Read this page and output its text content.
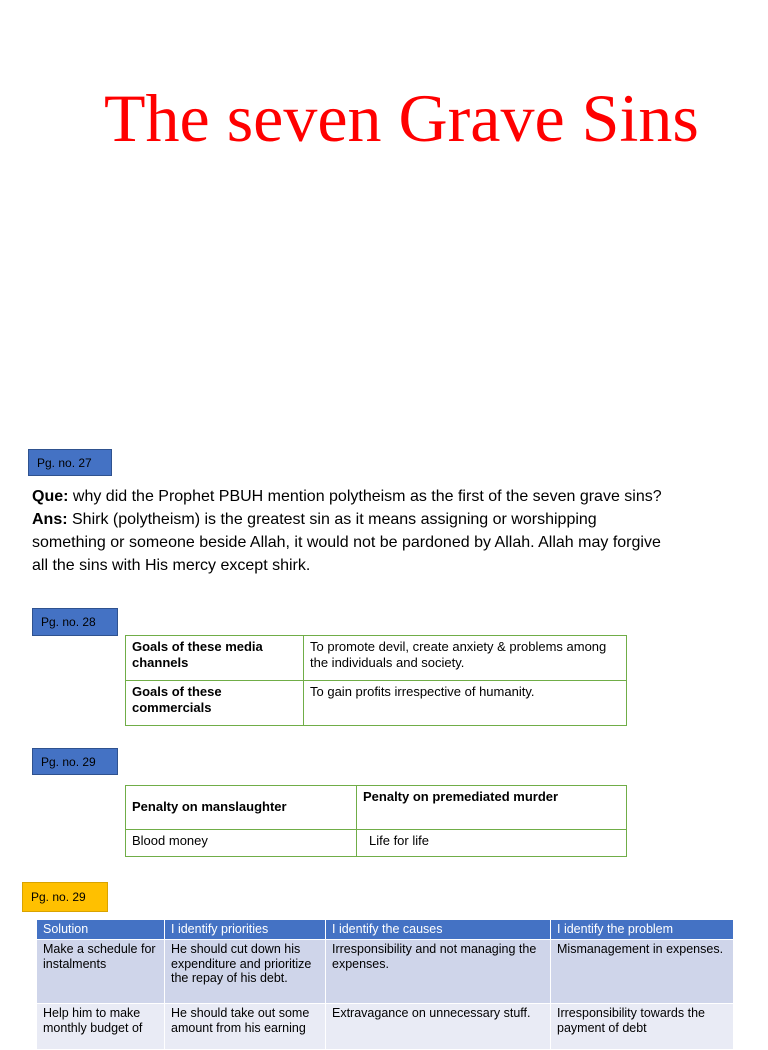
The seven Grave Sins
Pg. no. 27
Que: why did the Prophet PBUH mention polytheism as the first of the seven grave sins?
Ans: Shirk (polytheism) is the greatest sin as it means assigning or worshipping something or someone beside Allah, it would not be pardoned by Allah. Allah may forgive all the sins with His mercy except shirk.
Pg. no. 28
Goals of these media channels	To promote devil, create anxiety & problems among the individuals and society.
Goals of these commercials	To gain profits irrespective of humanity.
Pg. no. 29
Penalty on manslaughter	Penalty on premediated murder
Blood money	Life for life
Pg. no. 29
Solution	I identify priorities	I identify the causes	I identify the problem
Make a schedule for instalments	He should cut down his expenditure and prioritize the repay of his debt.	Irresponsibility and not managing the expenses.	Mismanagement in expenses.
Help him to make monthly budget of	He should take out some amount from his earning	Extravagance on unnecessary stuff.	Irresponsibility towards the payment of debt
